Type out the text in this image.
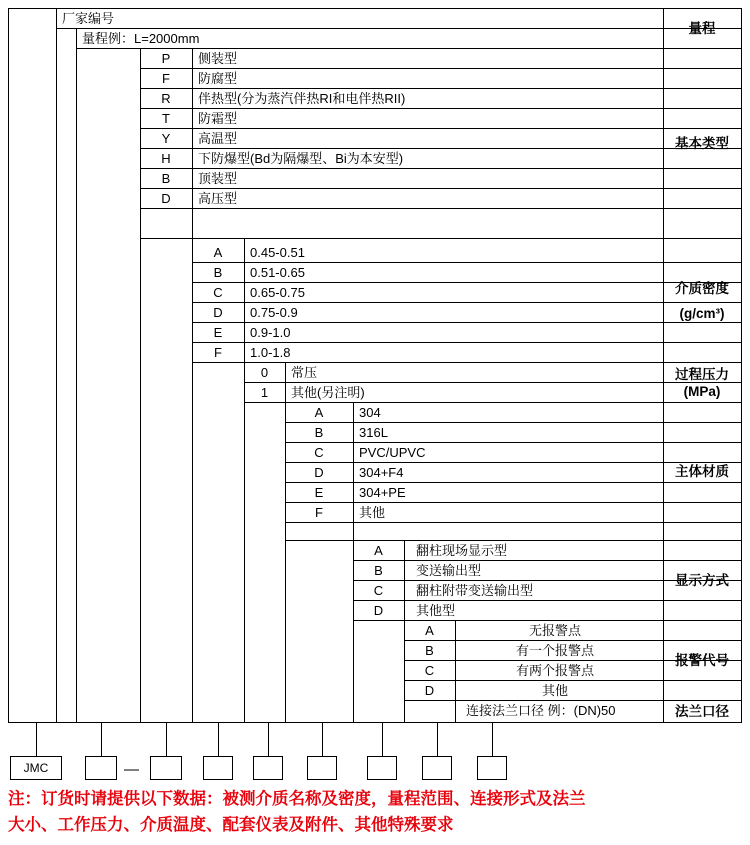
厂家编号
量程例：L=2000mm
量程
P	侧装型
F	防腐型
R	伴热型(分为蒸汽伴热RI和电伴热RII)
T	防霜型
Y	高温型
H	下防爆型(Bd为隔爆型、Bi为本安型)
B	顶装型
D	高压型
基本类型
A	0.45-0.51
B	0.51-0.65
C	0.65-0.75
D	0.75-0.9
E	0.9-1.0
F	1.0-1.8
介质密度
(g/cm³)
0	常压
1	其他(另注明)
过程压力
(MPa)
A	304
B	316L
C	PVC/UPVC
D	304+F4
E	304+PE
F	其他
主体材质
A	翻柱现场显示型
B	变送输出型
C	翻柱附带变送输出型
D	其他型
显示方式
A	无报警点
B	有一个报警点
C	有两个报警点
D	其他
报警代号
连接法兰口径 例：(DN)50	法兰口径
JMC	—
注：订货时请提供以下数据：被测介质名称及密度，量程范围、连接形式及法兰
大小、工作压力、介质温度、配套仪表及附件、其他特殊要求
